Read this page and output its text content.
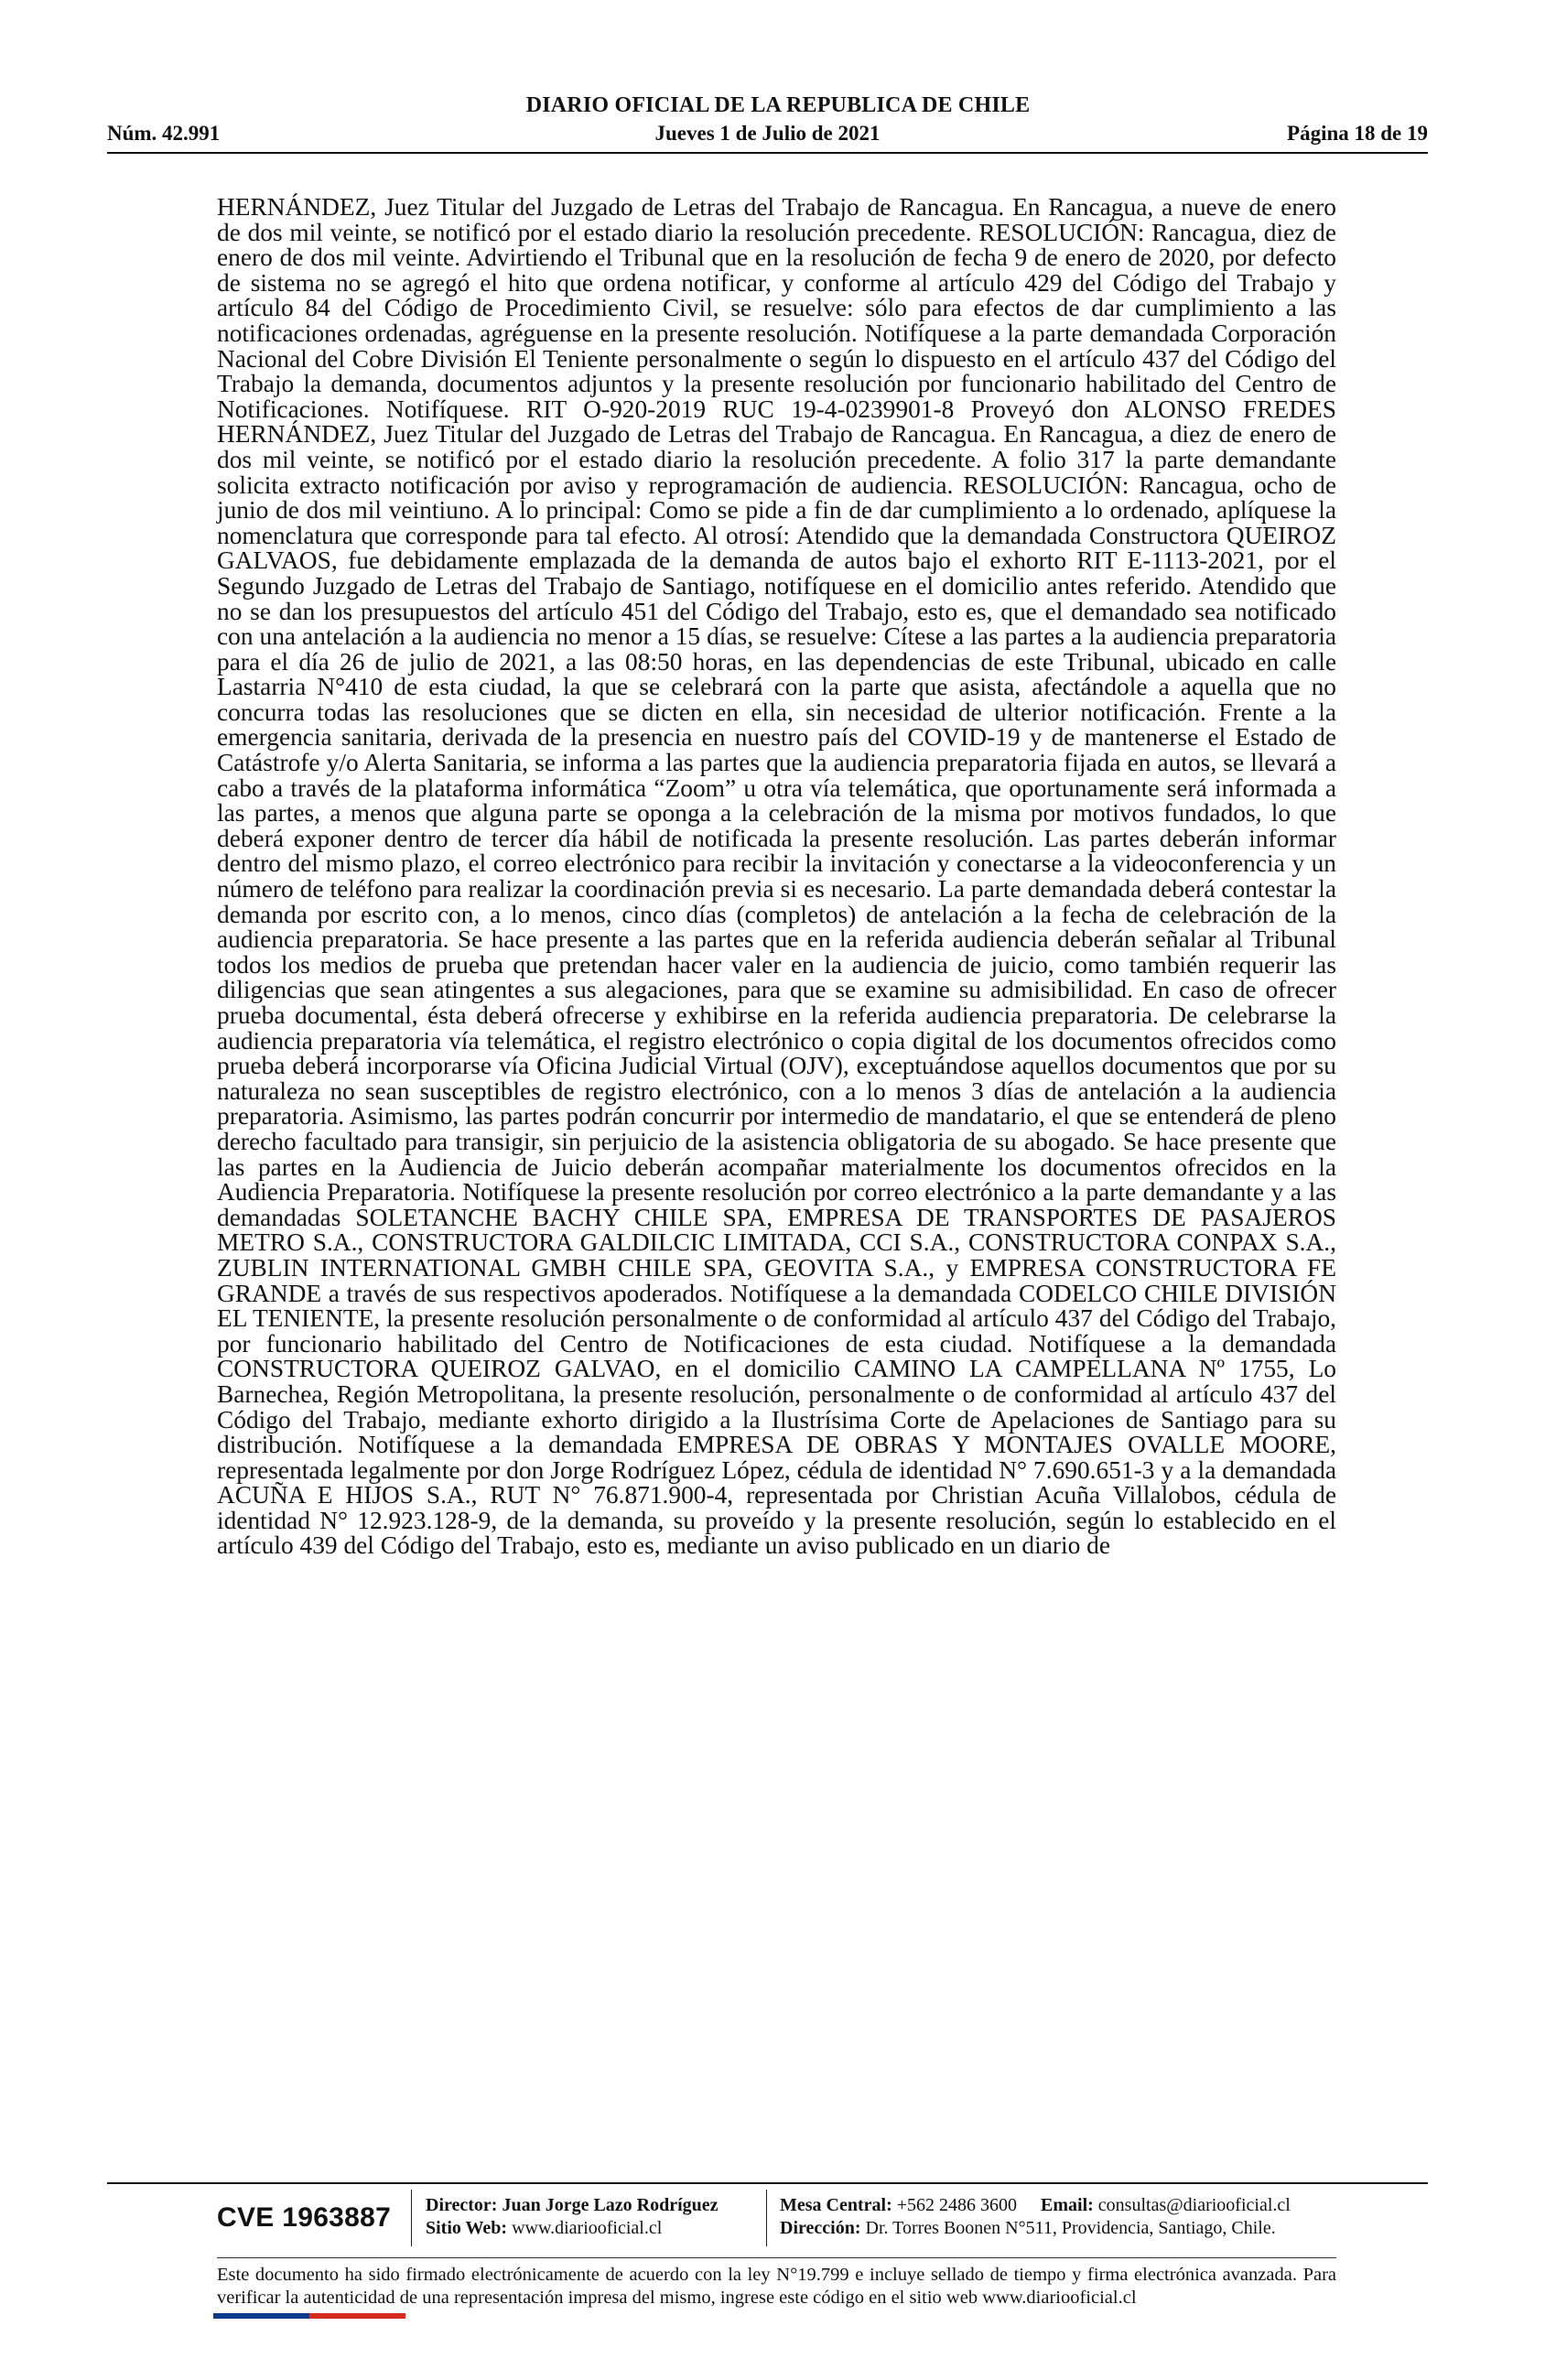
DIARIO OFICIAL DE LA REPUBLICA DE CHILE
Núm. 42.991	Jueves 1 de Julio de 2021	Página 18 de 19
HERNÁNDEZ, Juez Titular del Juzgado de Letras del Trabajo de Rancagua. En Rancagua, a nueve de enero de dos mil veinte, se notificó por el estado diario la resolución precedente. RESOLUCIÓN: Rancagua, diez de enero de dos mil veinte. Advirtiendo el Tribunal que en la resolución de fecha 9 de enero de 2020, por defecto de sistema no se agregó el hito que ordena notificar, y conforme al artículo 429 del Código del Trabajo y artículo 84 del Código de Procedimiento Civil, se resuelve: sólo para efectos de dar cumplimiento a las notificaciones ordenadas, agréguense en la presente resolución. Notifíquese a la parte demandada Corporación Nacional del Cobre División El Teniente personalmente o según lo dispuesto en el artículo 437 del Código del Trabajo la demanda, documentos adjuntos y la presente resolución por funcionario habilitado del Centro de Notificaciones. Notifíquese. RIT O-920-2019 RUC 19-4-0239901-8 Proveyó don ALONSO FREDES HERNÁNDEZ, Juez Titular del Juzgado de Letras del Trabajo de Rancagua. En Rancagua, a diez de enero de dos mil veinte, se notificó por el estado diario la resolución precedente. A folio 317 la parte demandante solicita extracto notificación por aviso y reprogramación de audiencia. RESOLUCIÓN: Rancagua, ocho de junio de dos mil veintiuno. A lo principal: Como se pide a fin de dar cumplimiento a lo ordenado, aplíquese la nomenclatura que corresponde para tal efecto. Al otrosí: Atendido que la demandada Constructora QUEIROZ GALVAOS, fue debidamente emplazada de la demanda de autos bajo el exhorto RIT E-1113-2021, por el Segundo Juzgado de Letras del Trabajo de Santiago, notifíquese en el domicilio antes referido. Atendido que no se dan los presupuestos del artículo 451 del Código del Trabajo, esto es, que el demandado sea notificado con una antelación a la audiencia no menor a 15 días, se resuelve: Cítese a las partes a la audiencia preparatoria para el día 26 de julio de 2021, a las 08:50 horas, en las dependencias de este Tribunal, ubicado en calle Lastarria N°410 de esta ciudad, la que se celebrará con la parte que asista, afectándole a aquella que no concurra todas las resoluciones que se dicten en ella, sin necesidad de ulterior notificación. Frente a la emergencia sanitaria, derivada de la presencia en nuestro país del COVID-19 y de mantenerse el Estado de Catástrofe y/o Alerta Sanitaria, se informa a las partes que la audiencia preparatoria fijada en autos, se llevará a cabo a través de la plataforma informática “Zoom” u otra vía telemática, que oportunamente será informada a las partes, a menos que alguna parte se oponga a la celebración de la misma por motivos fundados, lo que deberá exponer dentro de tercer día hábil de notificada la presente resolución. Las partes deberán informar dentro del mismo plazo, el correo electrónico para recibir la invitación y conectarse a la videoconferencia y un número de teléfono para realizar la coordinación previa si es necesario. La parte demandada deberá contestar la demanda por escrito con, a lo menos, cinco días (completos) de antelación a la fecha de celebración de la audiencia preparatoria. Se hace presente a las partes que en la referida audiencia deberán señalar al Tribunal todos los medios de prueba que pretendan hacer valer en la audiencia de juicio, como también requerir las diligencias que sean atingentes a sus alegaciones, para que se examine su admisibilidad. En caso de ofrecer prueba documental, ésta deberá ofrecerse y exhibirse en la referida audiencia preparatoria. De celebrarse la audiencia preparatoria vía telemática, el registro electrónico o copia digital de los documentos ofrecidos como prueba deberá incorporarse vía Oficina Judicial Virtual (OJV), exceptuándose aquellos documentos que por su naturaleza no sean susceptibles de registro electrónico, con a lo menos 3 días de antelación a la audiencia preparatoria. Asimismo, las partes podrán concurrir por intermedio de mandatario, el que se entenderá de pleno derecho facultado para transigir, sin perjuicio de la asistencia obligatoria de su abogado. Se hace presente que las partes en la Audiencia de Juicio deberán acompañar materialmente los documentos ofrecidos en la Audiencia Preparatoria. Notifíquese la presente resolución por correo electrónico a la parte demandante y a las demandadas SOLETANCHE BACHY CHILE SPA, EMPRESA DE TRANSPORTES DE PASAJEROS METRO S.A., CONSTRUCTORA GALDILCIC LIMITADA, CCI S.A., CONSTRUCTORA CONPAX S.A., ZUBLIN INTERNATIONAL GMBH CHILE SPA, GEOVITA S.A., y EMPRESA CONSTRUCTORA FE GRANDE a través de sus respectivos apoderados. Notifíquese a la demandada CODELCO CHILE DIVISIÓN EL TENIENTE, la presente resolución personalmente o de conformidad al artículo 437 del Código del Trabajo, por funcionario habilitado del Centro de Notificaciones de esta ciudad. Notifíquese a la demandada CONSTRUCTORA QUEIROZ GALVAO, en el domicilio CAMINO LA CAMPELLANA Nº 1755, Lo Barnechea, Región Metropolitana, la presente resolución, personalmente o de conformidad al artículo 437 del Código del Trabajo, mediante exhorto dirigido a la Ilustrísima Corte de Apelaciones de Santiago para su distribución. Notifíquese a la demandada EMPRESA DE OBRAS Y MONTAJES OVALLE MOORE, representada legalmente por don Jorge Rodríguez López, cédula de identidad N° 7.690.651-3 y a la demandada ACUÑA E HIJOS S.A., RUT N° 76.871.900-4, representada por Christian Acuña Villalobos, cédula de identidad N° 12.923.128-9, de la demanda, su proveído y la presente resolución, según lo establecido en el artículo 439 del Código del Trabajo, esto es, mediante un aviso publicado en un diario de
CVE 1963887	Director: Juan Jorge Lazo Rodríguez
Sitio Web: www.diariooficial.cl
Mesa Central: +562 2486 3600 Email: consultas@diariooficial.cl
Dirección: Dr. Torres Boonen N°511, Providencia, Santiago, Chile.
Este documento ha sido firmado electrónicamente de acuerdo con la ley N°19.799 e incluye sellado de tiempo y firma electrónica avanzada. Para verificar la autenticidad de una representación impresa del mismo, ingrese este código en el sitio web www.diariooficial.cl
